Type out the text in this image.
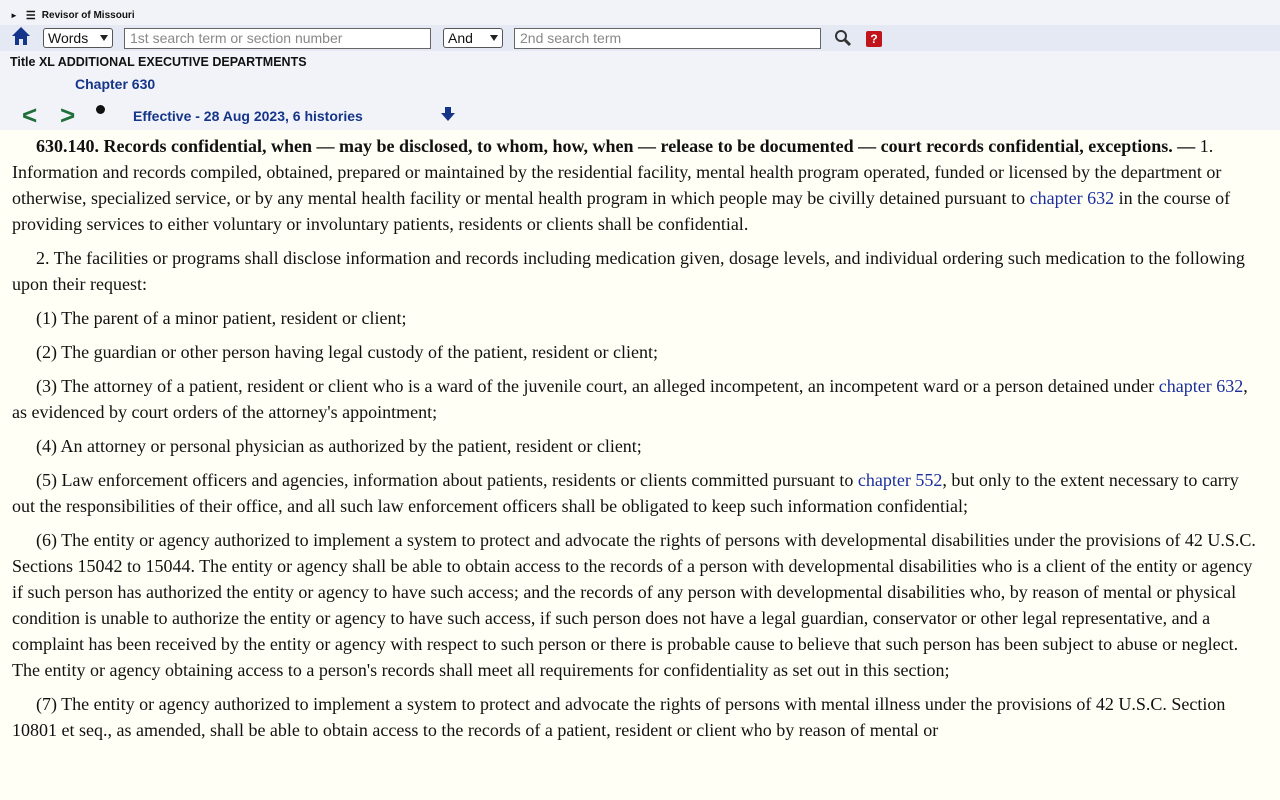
► ☰ Revisor of Missouri
Words	1st search term or section number	And	2nd search term	?
Title XL ADDITIONAL EXECUTIVE DEPARTMENTS
Chapter 630
< >	Effective - 28 Aug 2023, 6 histories

630.140. Records confidential, when — may be disclosed, to whom, how, when — release to be documented — court records confidential, exceptions. — 1. Information and records compiled, obtained, prepared or maintained by the residential facility, mental health program operated, funded or licensed by the department or otherwise, specialized service, or by any mental health facility or mental health program in which people may be civilly detained pursuant to chapter 632 in the course of providing services to either voluntary or involuntary patients, residents or clients shall be confidential.

2. The facilities or programs shall disclose information and records including medication given, dosage levels, and individual ordering such medication to the following upon their request:

(1) The parent of a minor patient, resident or client;

(2) The guardian or other person having legal custody of the patient, resident or client;

(3) The attorney of a patient, resident or client who is a ward of the juvenile court, an alleged incompetent, an incompetent ward or a person detained under chapter 632, as evidenced by court orders of the attorney's appointment;

(4) An attorney or personal physician as authorized by the patient, resident or client;

(5) Law enforcement officers and agencies, information about patients, residents or clients committed pursuant to chapter 552, but only to the extent necessary to carry out the responsibilities of their office, and all such law enforcement officers shall be obligated to keep such information confidential;

(6) The entity or agency authorized to implement a system to protect and advocate the rights of persons with developmental disabilities under the provisions of 42 U.S.C. Sections 15042 to 15044. The entity or agency shall be able to obtain access to the records of a person with developmental disabilities who is a client of the entity or agency if such person has authorized the entity or agency to have such access; and the records of any person with developmental disabilities who, by reason of mental or physical condition is unable to authorize the entity or agency to have such access, if such person does not have a legal guardian, conservator or other legal representative, and a complaint has been received by the entity or agency with respect to such person or there is probable cause to believe that such person has been subject to abuse or neglect. The entity or agency obtaining access to a person's records shall meet all requirements for confidentiality as set out in this section;

(7) The entity or agency authorized to implement a system to protect and advocate the rights of persons with mental illness under the provisions of 42 U.S.C. Section 10801 et seq., as amended, shall be able to obtain access to the records of a patient, resident or client who by reason of mental or
